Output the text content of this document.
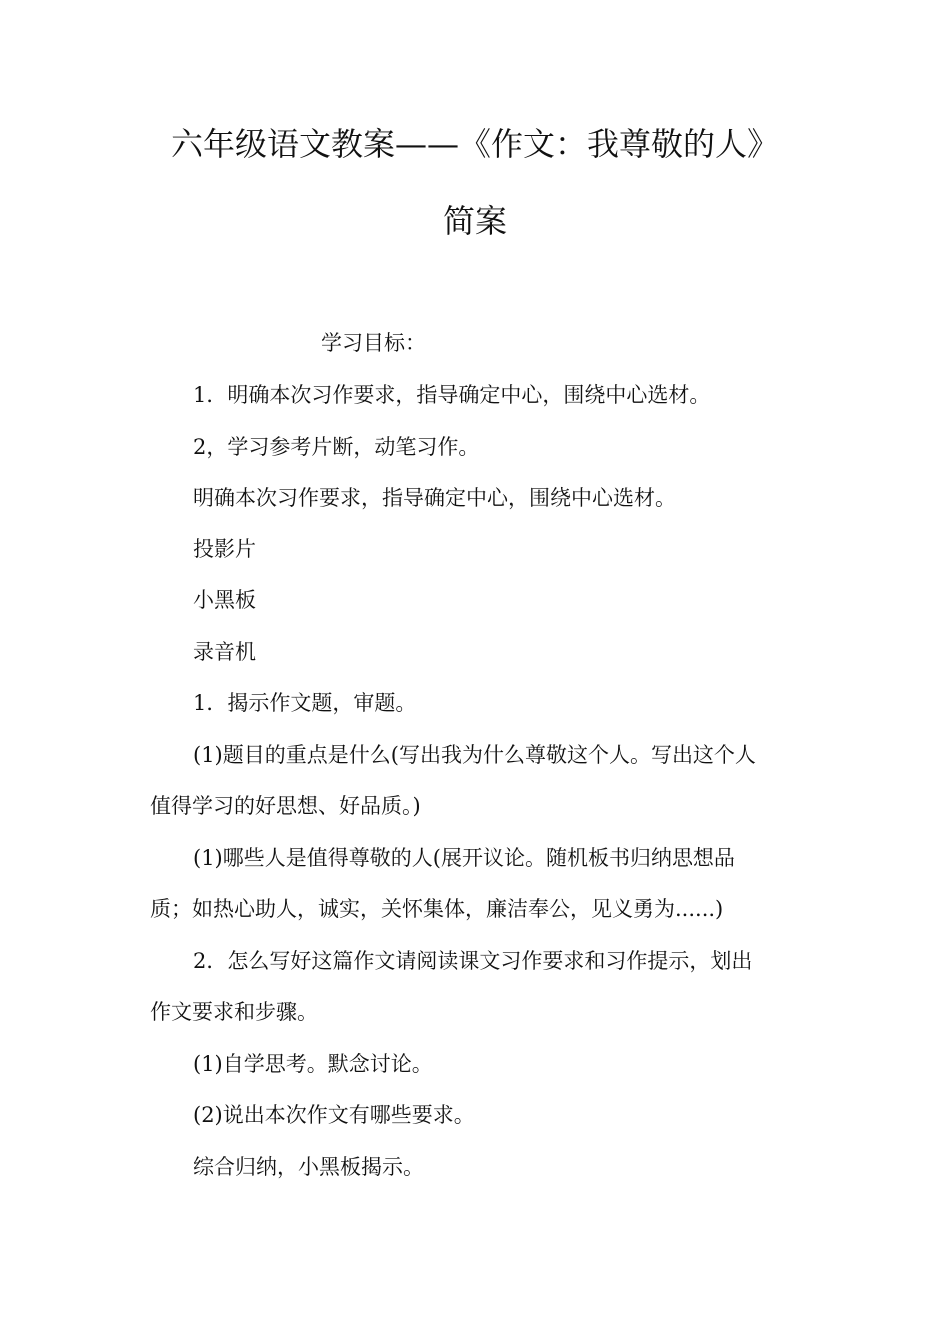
六年级语文教案——《作文：我尊敬的人》
简案
学习目标：
1．明确本次习作要求，指导确定中心，围绕中心选材。
2，学习参考片断，动笔习作。
明确本次习作要求，指导确定中心，围绕中心选材。
投影片
小黑板
录音机
1．揭示作文题，审题。
(1)题目的重点是什么(写出我为什么尊敬这个人。写出这个人
值得学习的好思想、好品质。)
(1)哪些人是值得尊敬的人(展开议论。随机板书归纳思想品
质；如热心助人，诚实，关怀集体，廉洁奉公，见义勇为......)
2．怎么写好这篇作文请阅读课文习作要求和习作提示，划出
作文要求和步骤。
(1)自学思考。默念讨论。
(2)说出本次作文有哪些要求。
综合归纳，小黑板揭示。
